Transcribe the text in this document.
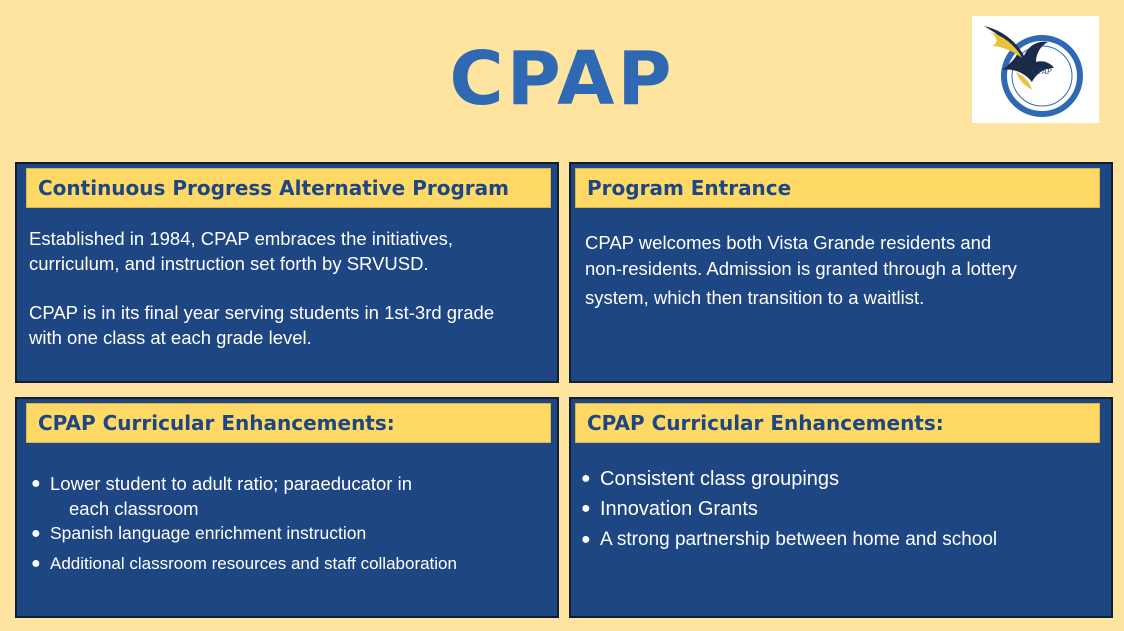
CPAP	CPAP
Continuous Progress Alternative Program

Established in 1984, CPAP embraces the initiatives,

curriculum, and instruction set forth by SRVUSD.

CPAP is in its final year serving students in 1st-3rd grade

with one class at each grade level.

Program Entrance

CPAP welcomes both Vista Grande residents and

non-residents. Admission is granted through a lottery

system, which then transition to a waitlist.

CPAP Curricular Enhancements:
● Lower student to adult ratio; paraeducator in
each classroom
● Spanish language enrichment instruction
● Additional classroom resources and staff collaboration
CPAP Curricular Enhancements:
● Consistent class groupings
● Innovation Grants
● A strong partnership between home and school
